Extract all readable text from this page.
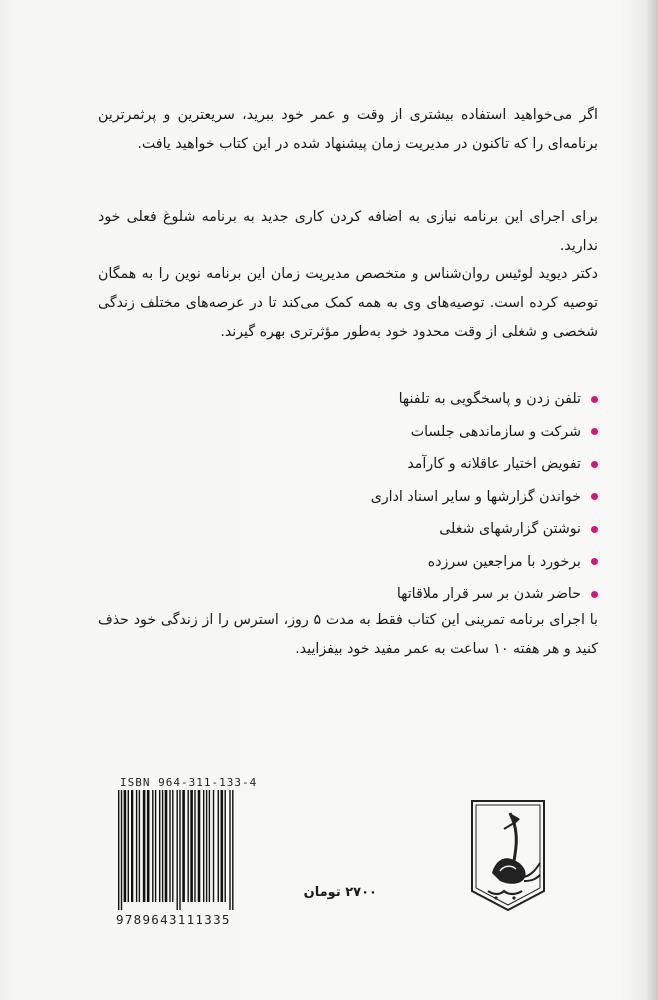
اگر می‌خواهید استفاده بیشتری از وقت و عمر خود ببرید، سریعترین و پرثمرترین برنامه‌ای را که تاکنون در مدیریت زمان پیشنهاد شده در این کتاب خواهید یافت.

برای اجرای این برنامه نیازی به اضافه کردن کاری جدید به برنامه شلوغ فعلی خود ندارید.

دکتر دیوید لوئیس روان‌شناس و متخصص مدیریت زمان این برنامه نوین را به همگان توصیه کرده است. توصیه‌های وی به همه کمک می‌کند تا در عرصه‌های مختلف زندگی شخصی و شغلی از وقت محدود خود به‌طور مؤثرتری بهره گیرند.

تلفن زدن و پاسخگویی به تلفنها
شرکت و سازماندهی جلسات
تفویض اختیار عاقلانه و کارآمد
خواندن گزارشها و سایر اسناد اداری
نوشتن گزارشهای شغلی
برخورد با مراجعین سرزده
حاضر شدن بر سر قرار ملاقاتها

با اجرای برنامه تمرینی این کتاب فقط به مدت ۵ روز، استرس را از زندگی خود حذف کنید و هر هفته ۱۰ ساعت به عمر مفید خود بیفزایید.

ISBN 964-311-133-4
9789643111335
۲۷۰۰ تومان
